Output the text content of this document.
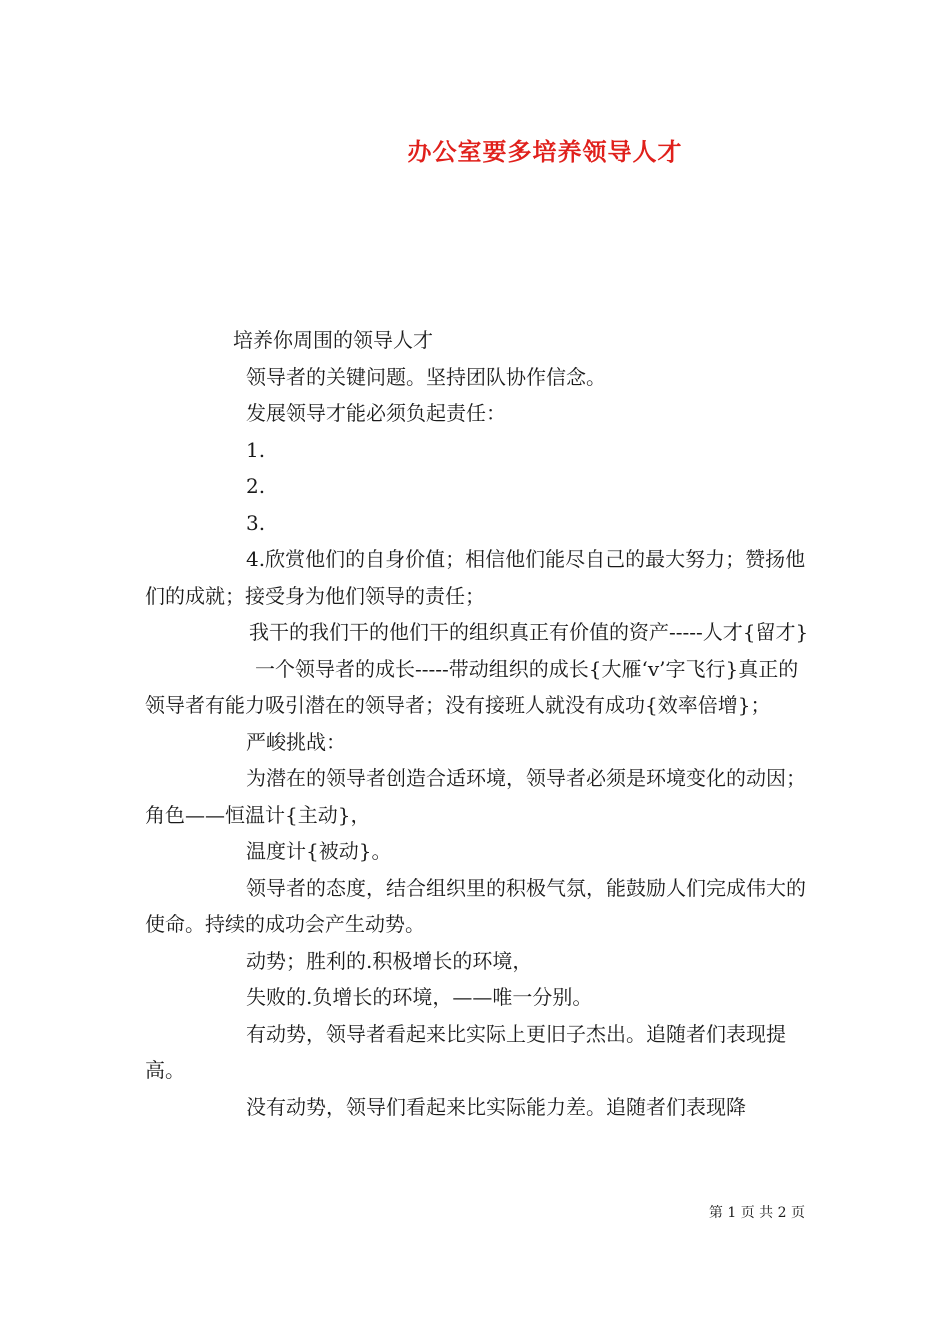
办公室要多培养领导人才

培养你周围的领导人才

领导者的关键问题。坚持团队协作信念。

发展领导才能必须负起责任：

1.

2.

3.

4.欣赏他们的自身价值；相信他们能尽自己的最大努力；赞扬他们的成就；接受身为他们领导的责任；

我干的我们干的他们干的组织真正有价值的资产-----人才{留才}

一个领导者的成长-----带动组织的成长{大雁‘v’字飞行}真正的领导者有能力吸引潜在的领导者；没有接班人就没有成功{效率倍增}；

严峻挑战：

为潜在的领导者创造合适环境，领导者必须是环境变化的动因；角色——恒温计{主动}，

温度计{被动}。

领导者的态度，结合组织里的积极气氛，能鼓励人们完成伟大的使命。持续的成功会产生动势。

动势；胜利的.积极增长的环境，

失败的.负增长的环境，——唯一分别。

有动势，领导者看起来比实际上更旧子杰出。追随者们表现提高。

没有动势，领导们看起来比实际能力差。追随者们表现降

第 1 页 共 2 页
